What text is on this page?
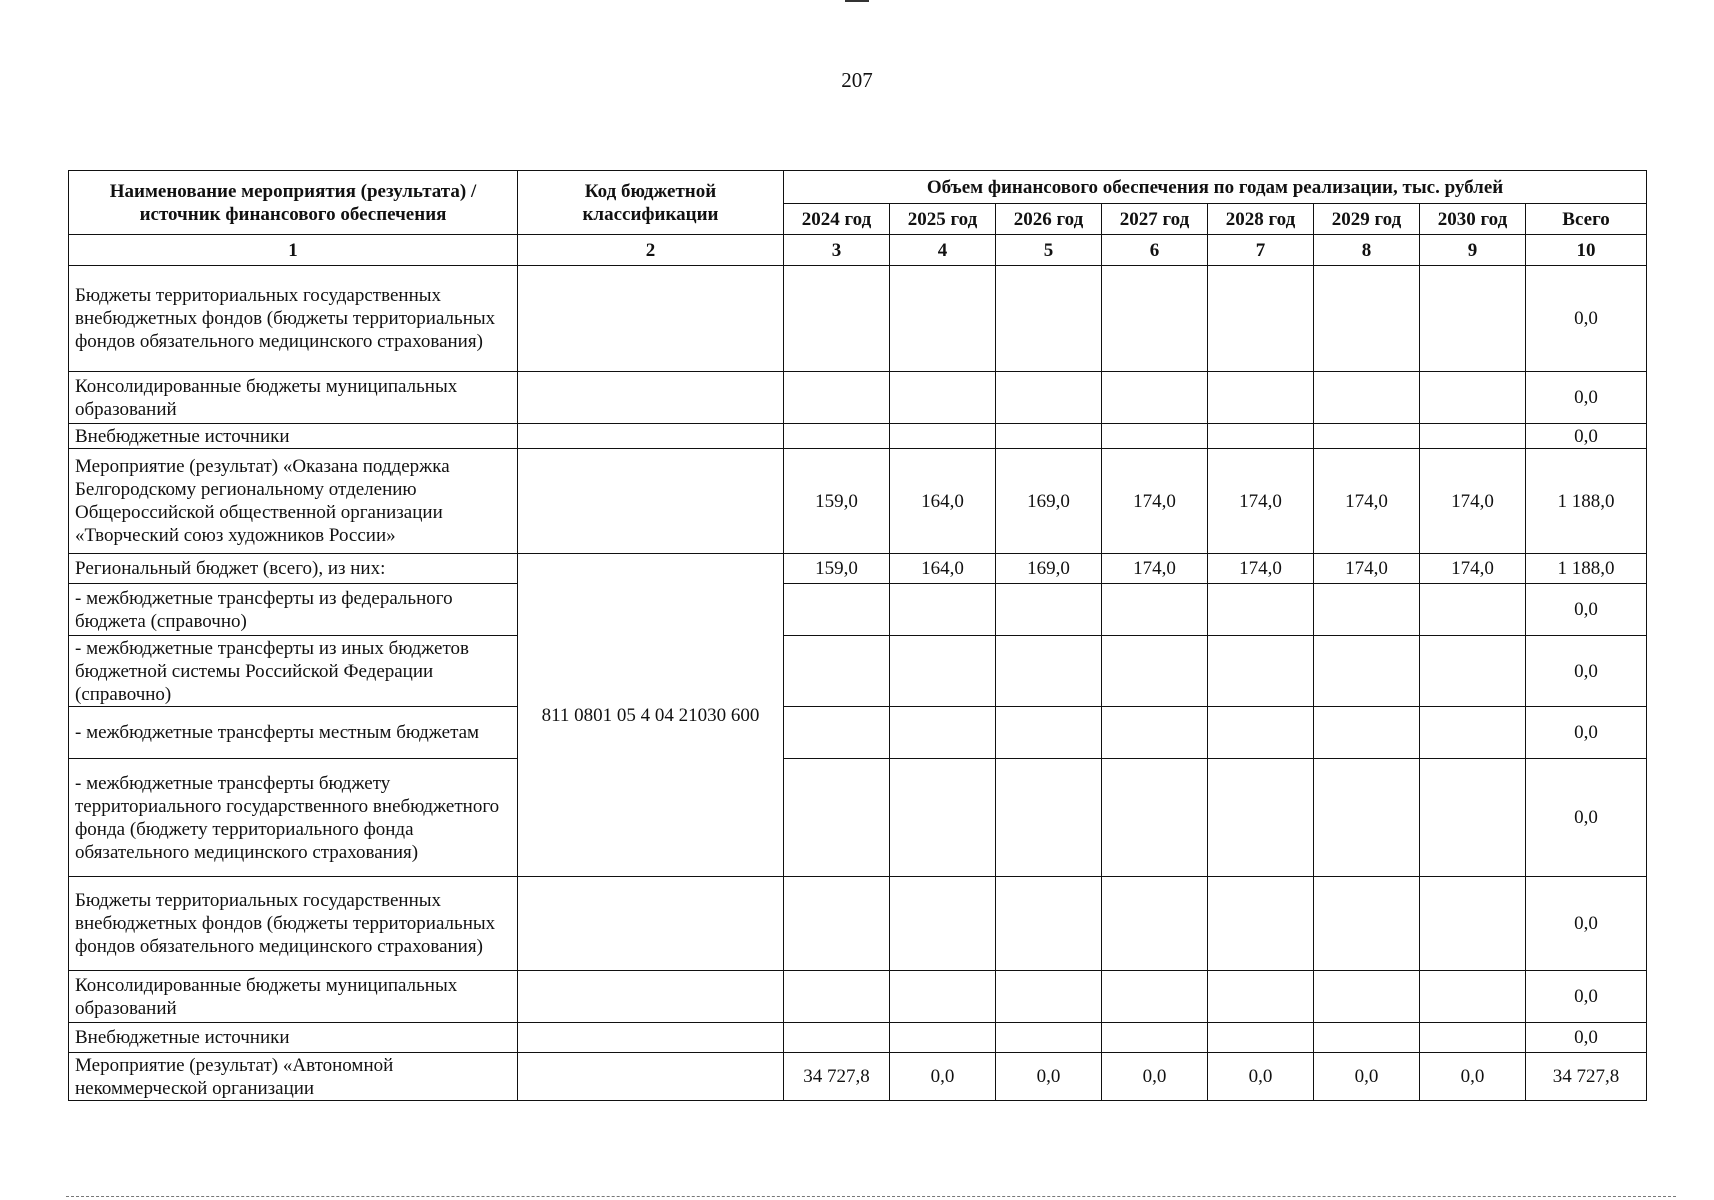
207
Наименование мероприятия (результата) / источник финансового обеспечения	Код бюджетной классификации	Объем финансового обеспечения по годам реализации, тыс. рублей							
		2024 год	2025 год	2026 год	2027 год	2028 год	2029 год	2030 год	Всего
1	2	3	4	5	6	7	8	9	10
Бюджеты территориальных государственных внебюджетных фондов (бюджеты территориальных фондов обязательного медицинского страхования)									0,0
Консолидированные бюджеты муниципальных образований									0,0
Внебюджетные источники									0,0
Мероприятие (результат) «Оказана поддержка Белгородскому региональному отделению Общероссийской общественной организации «Творческий союз художников России»		159,0	164,0	169,0	174,0	174,0	174,0	174,0	1 188,0
Региональный бюджет (всего), из них:	811 0801 05 4 04 21030 600	159,0	164,0	169,0	174,0	174,0	174,0	174,0	1 188,0
- межбюджетные трансферты из федерального бюджета (справочно)									0,0
- межбюджетные трансферты из иных бюджетов бюджетной системы Российской Федерации (справочно)									0,0
- межбюджетные трансферты местным бюджетам									0,0
- межбюджетные трансферты бюджету территориального государственного внебюджетного фонда (бюджету территориального фонда обязательного медицинского страхования)									0,0
Бюджеты территориальных государственных внебюджетных фондов (бюджеты территориальных фондов обязательного медицинского страхования)									0,0
Консолидированные бюджеты муниципальных образований									0,0
Внебюджетные источники									0,0
Мероприятие (результат) «Автономной некоммерческой организации		34 727,8	0,0	0,0	0,0	0,0	0,0	0,0	34 727,8
